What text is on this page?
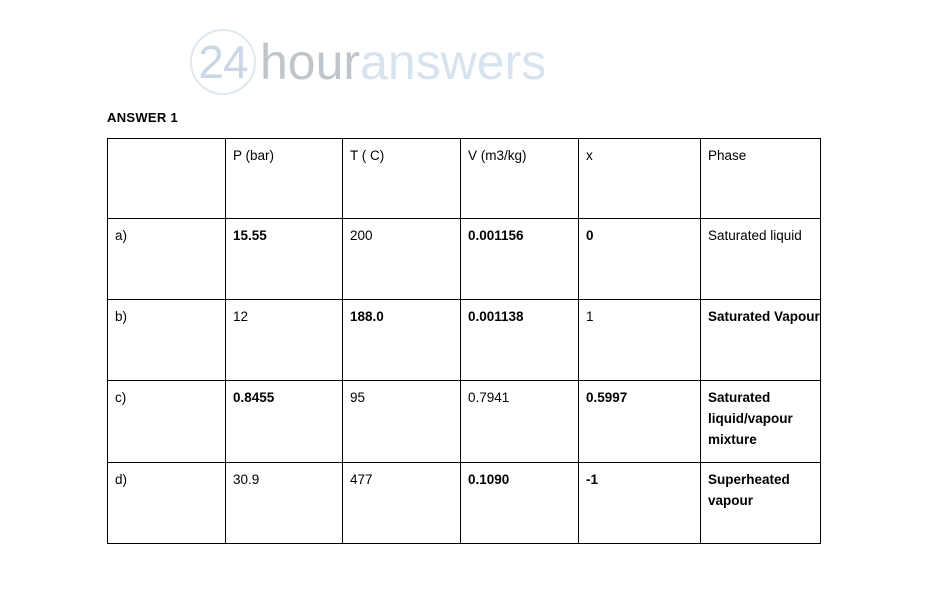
24 hour answers
ANSWER 1
	P (bar)	T ( C)	V (m3/kg)	x	Phase
a)	15.55	200	0.001156	0	Saturated liquid
b)	12	188.0	0.001138	1	Saturated Vapour
c)	0.8455	95	0.7941	0.5997	Saturated liquid/vapour mixture
d)	30.9	477	0.1090	-1	Superheated vapour
